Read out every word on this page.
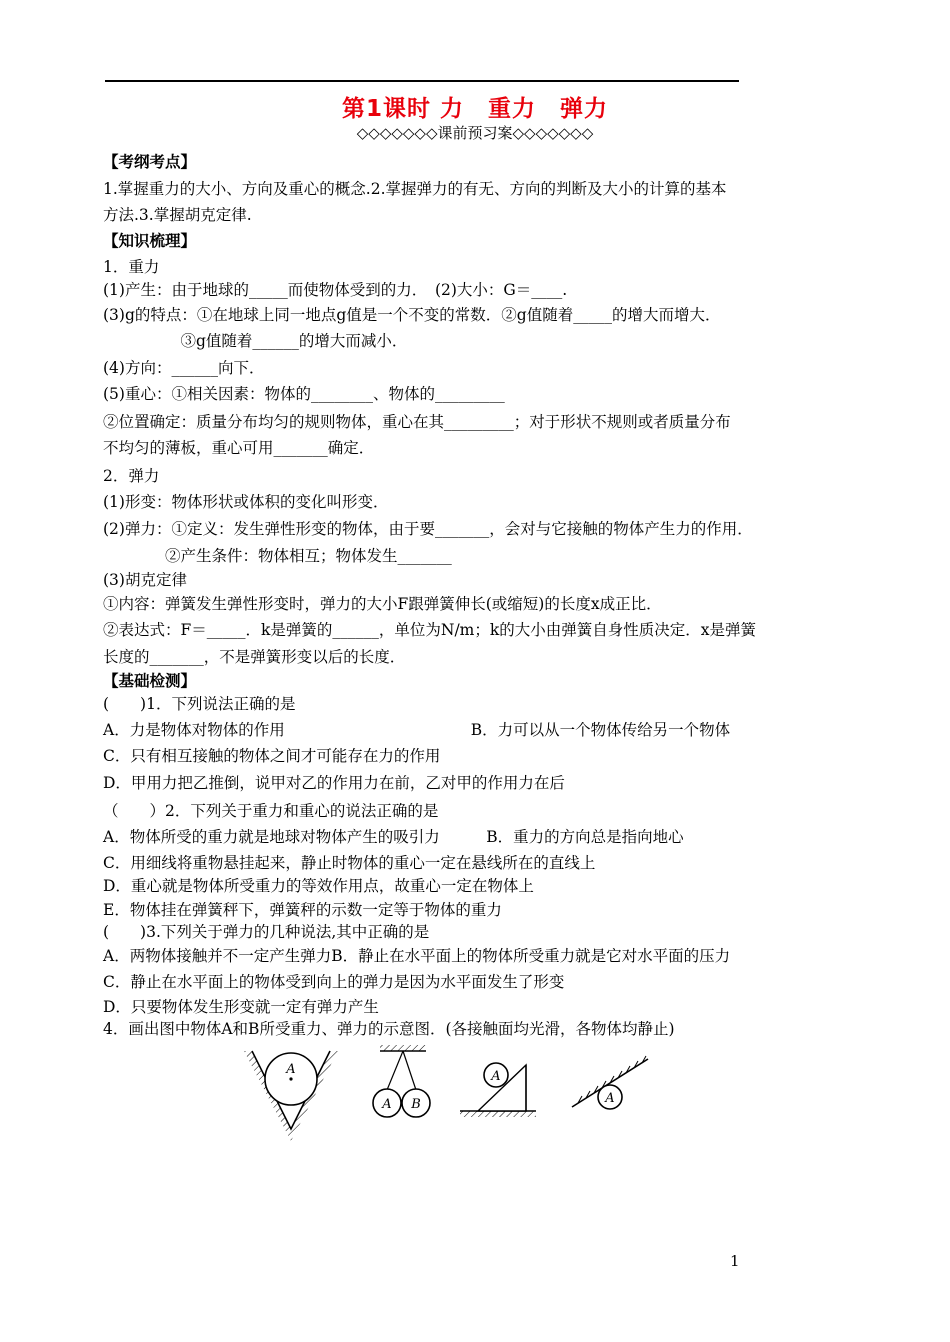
第1课时 力　重力　弹力
◇◇◇◇◇◇◇课前预习案◇◇◇◇◇◇◇
【考纲考点】
1.掌握重力的大小、方向及重心的概念.2.掌握弹力的有无、方向的判断及大小的计算的基本
方法.3.掌握胡克定律.
【知识梳理】
1．重力
(1)产生：由于地球的_____而使物体受到的力．　(2)大小：G＝____.
(3)g的特点：①在地球上同一地点g值是一个不变的常数．②g值随着_____的增大而增大．
　　　　　③g值随着______的增大而减小．
(4)方向：______向下．
(5)重心：①相关因素：物体的________、物体的_________
②位置确定：质量分布均匀的规则物体，重心在其_________；对于形状不规则或者质量分布
不均匀的薄板，重心可用_______确定．
2．弹力
(1)形变：物体形状或体积的变化叫形变．
(2)弹力：①定义：发生弹性形变的物体，由于要_______，会对与它接触的物体产生力的作用．
　　　　②产生条件：物体相互；物体发生_______
(3)胡克定律
①内容：弹簧发生弹性形变时，弹力的大小F跟弹簧伸长(或缩短)的长度x成正比．
②表达式：F＝_____．k是弹簧的______，单位为N/m；k的大小由弹簧自身性质决定．x是弹簧
长度的_______，不是弹簧形变以后的长度．
【基础检测】
(　　)1．下列说法正确的是
A．力是物体对物体的作用　　　　　　　　　　　　B．力可以从一个物体传给另一个物体
C．只有相互接触的物体之间才可能存在力的作用
D．甲用力把乙推倒，说甲对乙的作用力在前，乙对甲的作用力在后
（　　）2．下列关于重力和重心的说法正确的是
A．物体所受的重力就是地球对物体产生的吸引力　　　B．重力的方向总是指向地心
C．用细线将重物悬挂起来，静止时物体的重心一定在悬线所在的直线上
D．重心就是物体所受重力的等效作用点，故重心一定在物体上
E．物体挂在弹簧秤下，弹簧秤的示数一定等于物体的重力
(　　)3.下列关于弹力的几种说法,其中正确的是
A．两物体接触并不一定产生弹力B．静止在水平面上的物体所受重力就是它对水平面的压力
C．静止在水平面上的物体受到向上的弹力是因为水平面发生了形变
D．只要物体发生形变就一定有弹力产生
4．画出图中物体A和B所受重力、弹力的示意图．(各接触面均光滑，各物体均静止)
A
A B
A
A
1
